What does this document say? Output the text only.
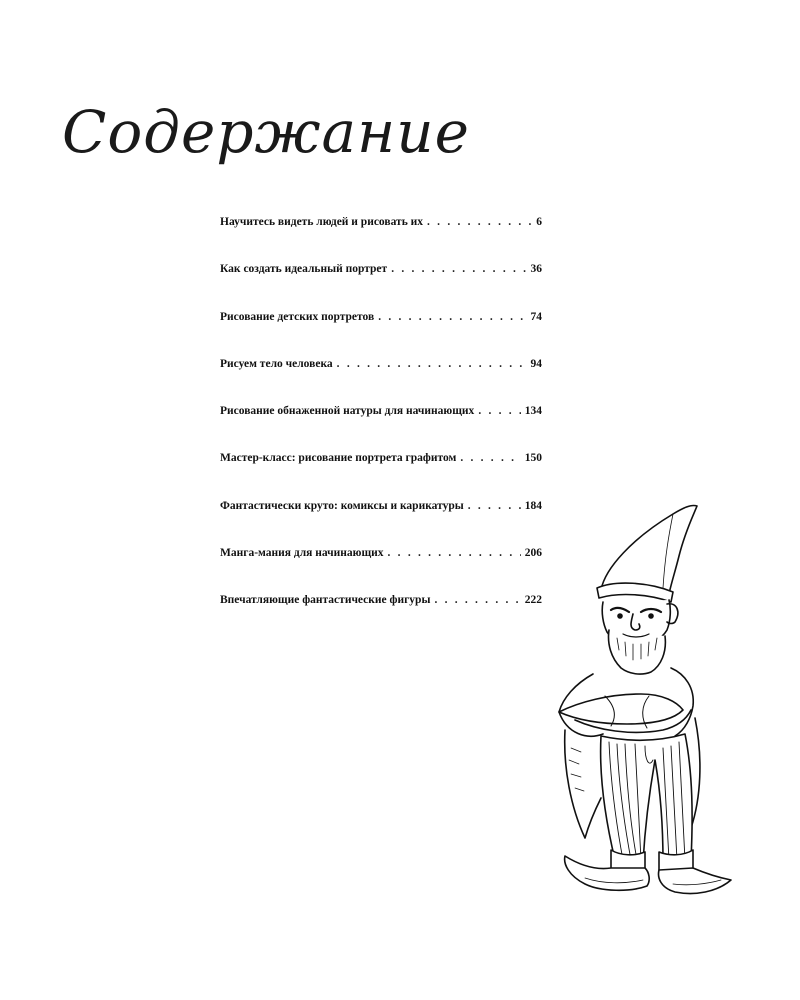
Содержание
Научитесь видеть людей и рисовать их . . .	6
Как создать идеальный портрет . . .	36
Рисование детских портретов . . .	74
Рисуем тело человека . . .	94
Рисование обнаженной натуры для начинающих . . .	134
Мастер-класс: рисование портрета графитом . . .	150
Фантастически круто: комиксы и карикатуры . . .	184
Манга-мания для начинающих . . .	206
Впечатляющие фантастические фигуры . . .	222
